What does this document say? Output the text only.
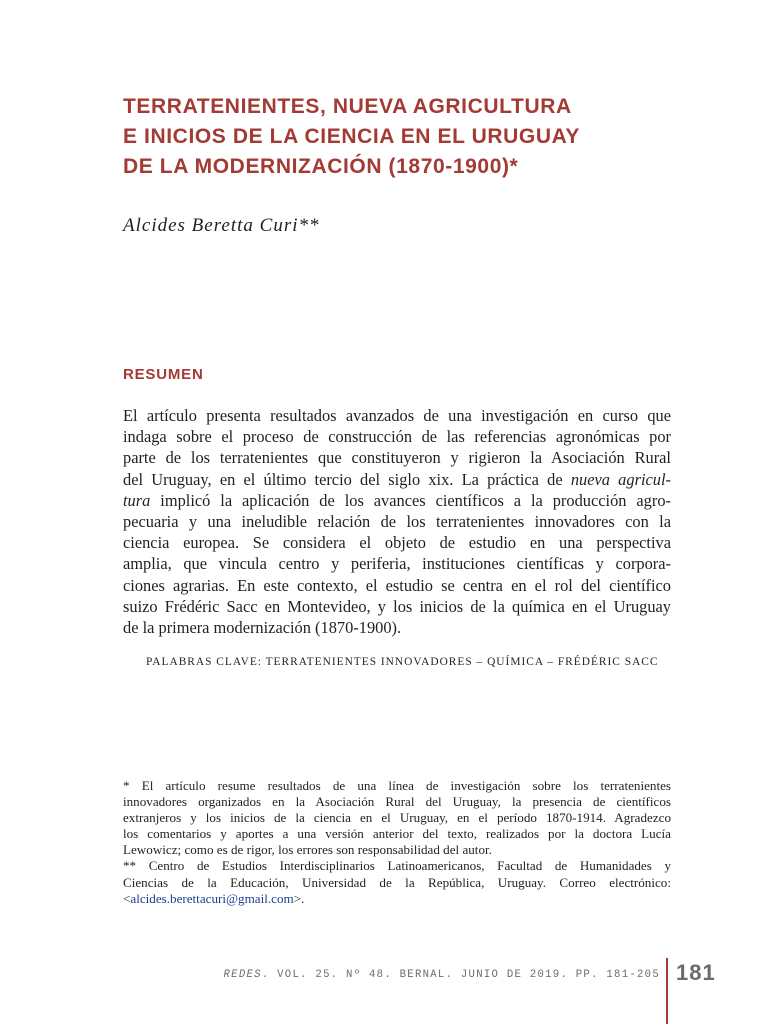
TERRATENIENTES, NUEVA AGRICULTURA
E INICIOS DE LA CIENCIA EN EL URUGUAY
DE LA MODERNIZACIÓN (1870-1900)*

Alcides Beretta Curi**

RESUMEN
El artículo presenta resultados avanzados de una investigación en curso que
indaga sobre el proceso de construcción de las referencias agronómicas por
parte de los terratenientes que constituyeron y rigieron la Asociación Rural
del Uruguay, en el último tercio del siglo xix. La práctica de nueva agricul-
tura implicó la aplicación de los avances científicos a la producción agro-
pecuaria y una ineludible relación de los terratenientes innovadores con la
ciencia europea. Se considera el objeto de estudio en una perspectiva
amplia, que vincula centro y periferia, instituciones científicas y corpora-
ciones agrarias. En este contexto, el estudio se centra en el rol del científico
suizo Frédéric Sacc en Montevideo, y los inicios de la química en el Uruguay
de la primera modernización (1870-1900).

PALABRAS CLAVE: TERRATENIENTES INNOVADORES – QUÍMICA – FRÉDÉRIC SACC

* El artículo resume resultados de una línea de investigación sobre los terratenientes
innovadores organizados en la Asociación Rural del Uruguay, la presencia de científicos
extranjeros y los inicios de la ciencia en el Uruguay, en el período 1870-1914. Agradezco
los comentarios y aportes a una versión anterior del texto, realizados por la doctora Lucía
Lewowicz; como es de rigor, los errores son responsabilidad del autor.
** Centro de Estudios Interdisciplinarios Latinoamericanos, Facultad de Humanidades y
Ciencias de la Educación, Universidad de la República, Uruguay. Correo electrónico:
<alcides.berettacuri@gmail.com>.
REDES. VOL. 25. Nº 48. BERNAL. JUNIO DE 2019. PP. 181-205 181
